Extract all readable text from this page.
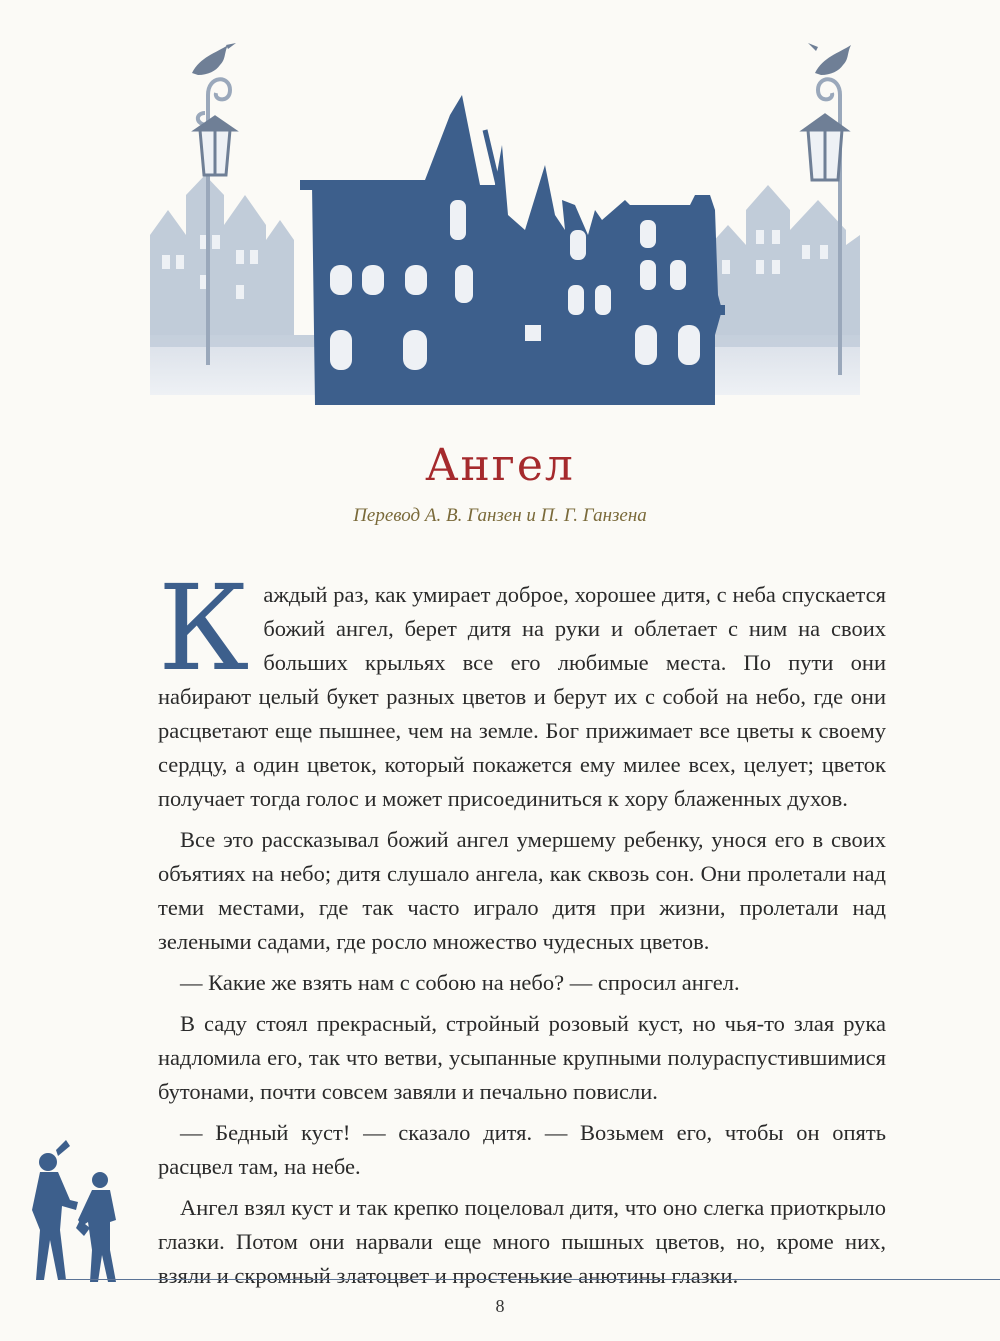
Ангел

Перевод А. В. Ганзен и П. Г. Ганзена

Каждый раз, как умирает доброе, хорошее дитя, с неба спускается божий ангел, берет дитя на руки и облетает с ним на своих больших крыльях все его любимые места. По пути они набирают целый букет разных цветов и берут их с собой на небо, где они расцветают еще пышнее, чем на земле. Бог прижимает все цветы к своему сердцу, а один цветок, который покажется ему милее всех, целует; цветок получает тогда голос и может присоединиться к хору блаженных духов.

Все это рассказывал божий ангел умершему ребенку, унося его в своих объятиях на небо; дитя слушало ангела, как сквозь сон. Они пролетали над теми местами, где так часто играло дитя при жизни, пролетали над зелеными садами, где росло множество чудесных цветов.

— Какие же взять нам с собою на небо? — спросил ангел.

В саду стоял прекрасный, стройный розовый куст, но чья-то злая рука надломила его, так что ветви, усыпанные крупными полураспустившимися бутонами, почти совсем завяли и печально повисли.

— Бедный куст! — сказало дитя. — Возьмем его, чтобы он опять расцвел там, на небе.

Ангел взял куст и так крепко поцеловал дитя, что оно слегка приоткрыло глазки. Потом они нарвали еще много пышных цветов, но, кроме них, взяли и скромный златоцвет и простенькие анютины глазки.

8
